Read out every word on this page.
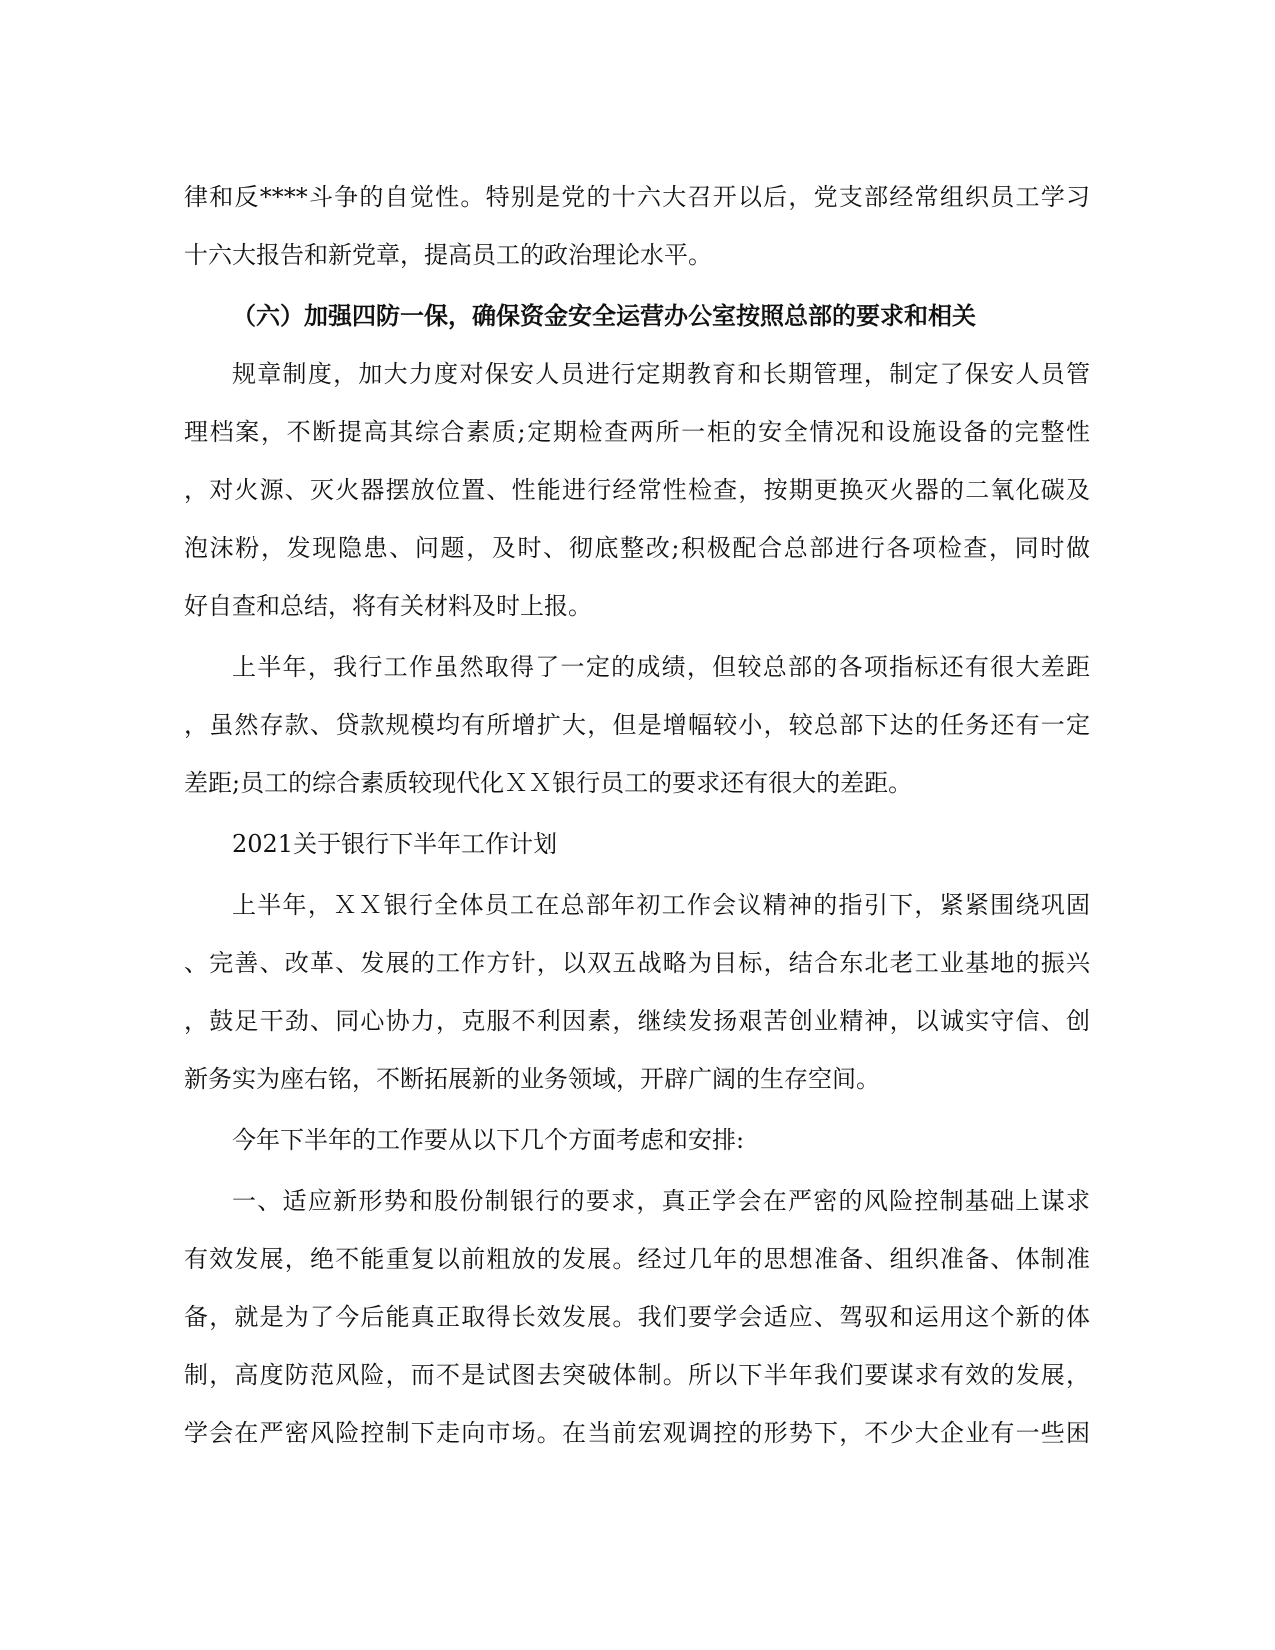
律和反****斗争的自觉性。特别是党的十六大召开以后，党支部经常组织员工学习
十六大报告和新党章，提高员工的政治理论水平。
（六）加强四防一保，确保资金安全运营办公室按照总部的要求和相关
规章制度，加大力度对保安人员进行定期教育和长期管理，制定了保安人员管
理档案，不断提高其综合素质;定期检查两所一柜的安全情况和设施设备的完整性
，对火源、灭火器摆放位置、性能进行经常性检查，按期更换灭火器的二氧化碳及
泡沫粉，发现隐患、问题，及时、彻底整改;积极配合总部进行各项检查，同时做
好自查和总结，将有关材料及时上报。
上半年，我行工作虽然取得了一定的成绩，但较总部的各项指标还有很大差距
，虽然存款、贷款规模均有所增扩大，但是增幅较小，较总部下达的任务还有一定
差距;员工的综合素质较现代化ＸＸ银行员工的要求还有很大的差距。
2021关于银行下半年工作计划
上半年，ＸＸ银行全体员工在总部年初工作会议精神的指引下，紧紧围绕巩固
、完善、改革、发展的工作方针，以双五战略为目标，结合东北老工业基地的振兴
，鼓足干劲、同心协力，克服不利因素，继续发扬艰苦创业精神，以诚实守信、创
新务实为座右铭，不断拓展新的业务领域，开辟广阔的生存空间。
今年下半年的工作要从以下几个方面考虑和安排:
一、适应新形势和股份制银行的要求，真正学会在严密的风险控制基础上谋求
有效发展，绝不能重复以前粗放的发展。经过几年的思想准备、组织准备、体制准
备，就是为了今后能真正取得长效发展。我们要学会适应、驾驭和运用这个新的体
制，高度防范风险，而不是试图去突破体制。所以下半年我们要谋求有效的发展，
学会在严密风险控制下走向市场。在当前宏观调控的形势下，不少大企业有一些困
